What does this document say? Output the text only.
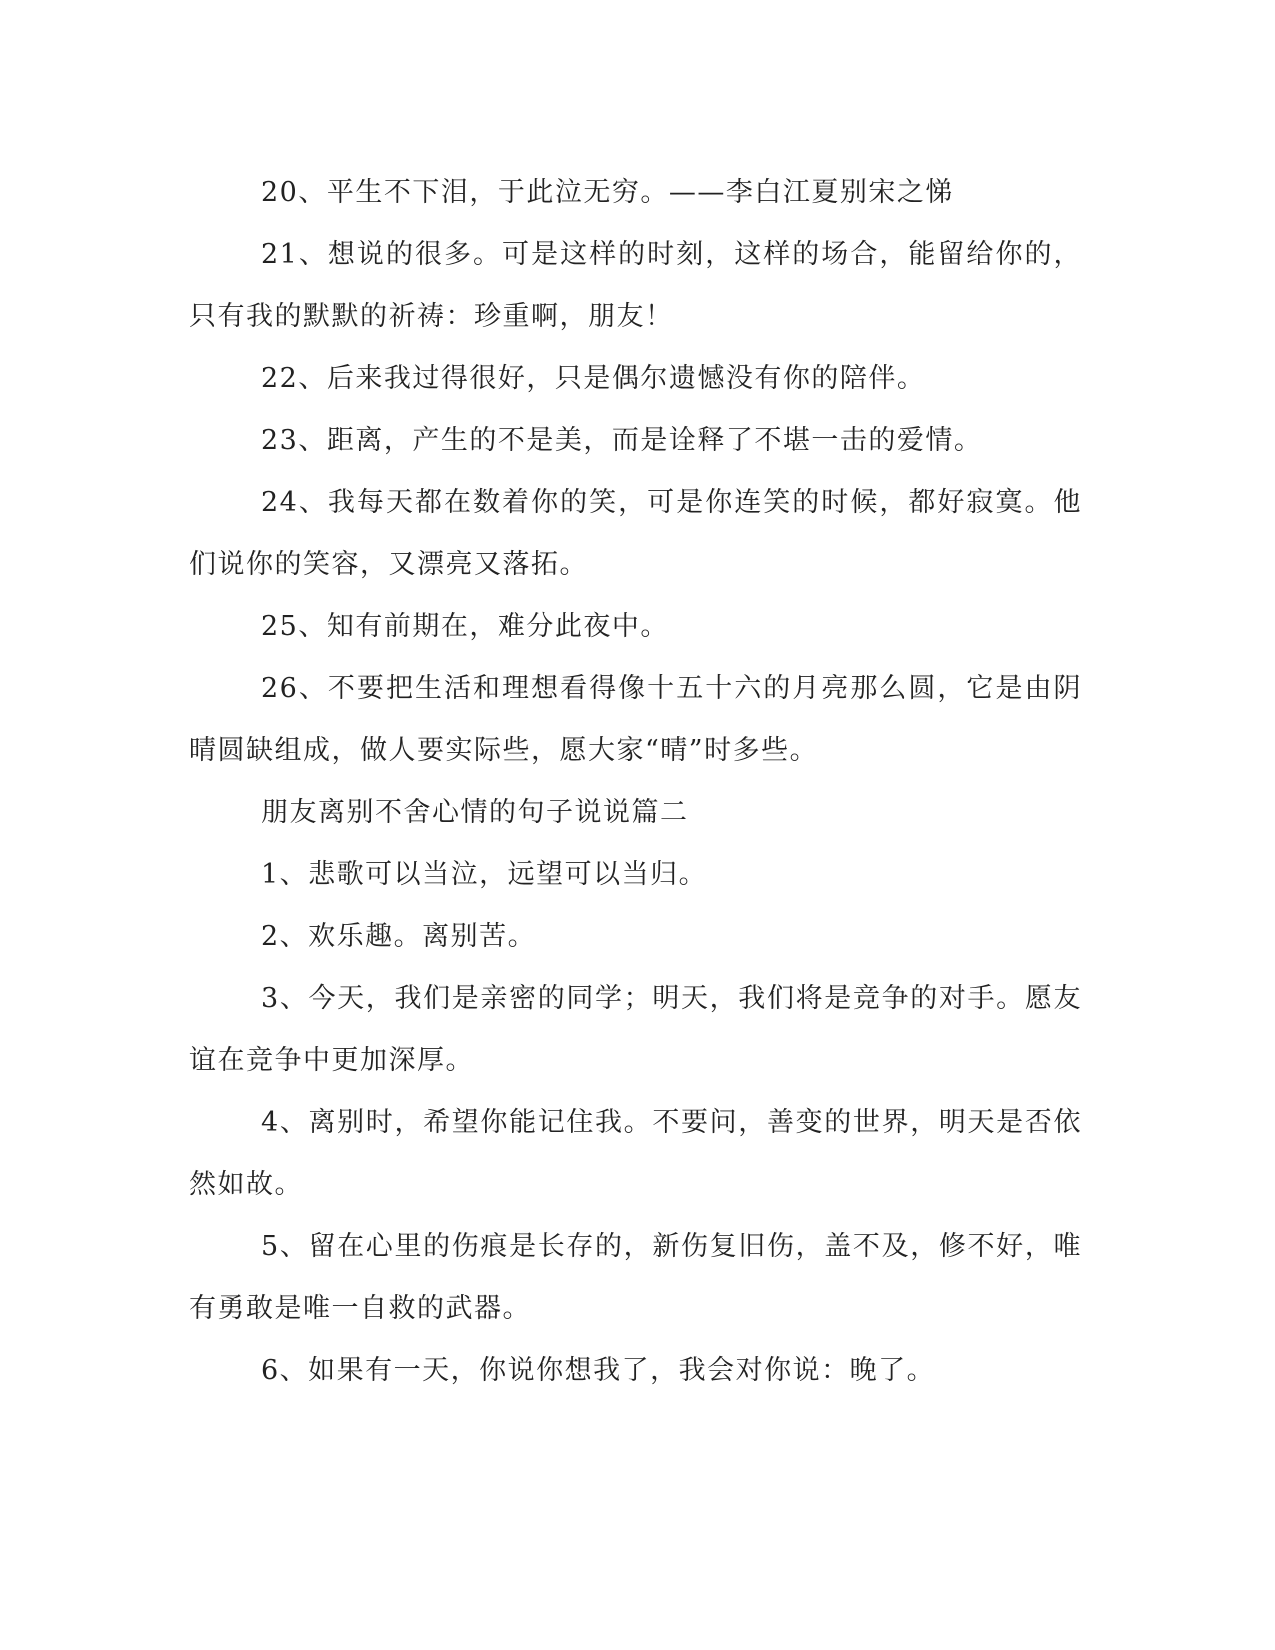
20、平生不下泪，于此泣无穷。——李白江夏别宋之悌

21、想说的很多。可是这样的时刻，这样的场合，能留给你的，只有我的默默的祈祷：珍重啊，朋友！

22、后来我过得很好，只是偶尔遗憾没有你的陪伴。

23、距离，产生的不是美，而是诠释了不堪一击的爱情。

24、我每天都在数着你的笑，可是你连笑的时候，都好寂寞。他们说你的笑容，又漂亮又落拓。

25、知有前期在，难分此夜中。

26、不要把生活和理想看得像十五十六的月亮那么圆，它是由阴晴圆缺组成，做人要实际些，愿大家“晴”时多些。

朋友离别不舍心情的句子说说篇二

1、悲歌可以当泣，远望可以当归。

2、欢乐趣。离别苦。

3、今天，我们是亲密的同学；明天，我们将是竞争的对手。愿友谊在竞争中更加深厚。

4、离别时，希望你能记住我。不要问，善变的世界，明天是否依然如故。

5、留在心里的伤痕是长存的，新伤复旧伤，盖不及，修不好，唯有勇敢是唯一自救的武器。

6、如果有一天，你说你想我了，我会对你说：晚了。
